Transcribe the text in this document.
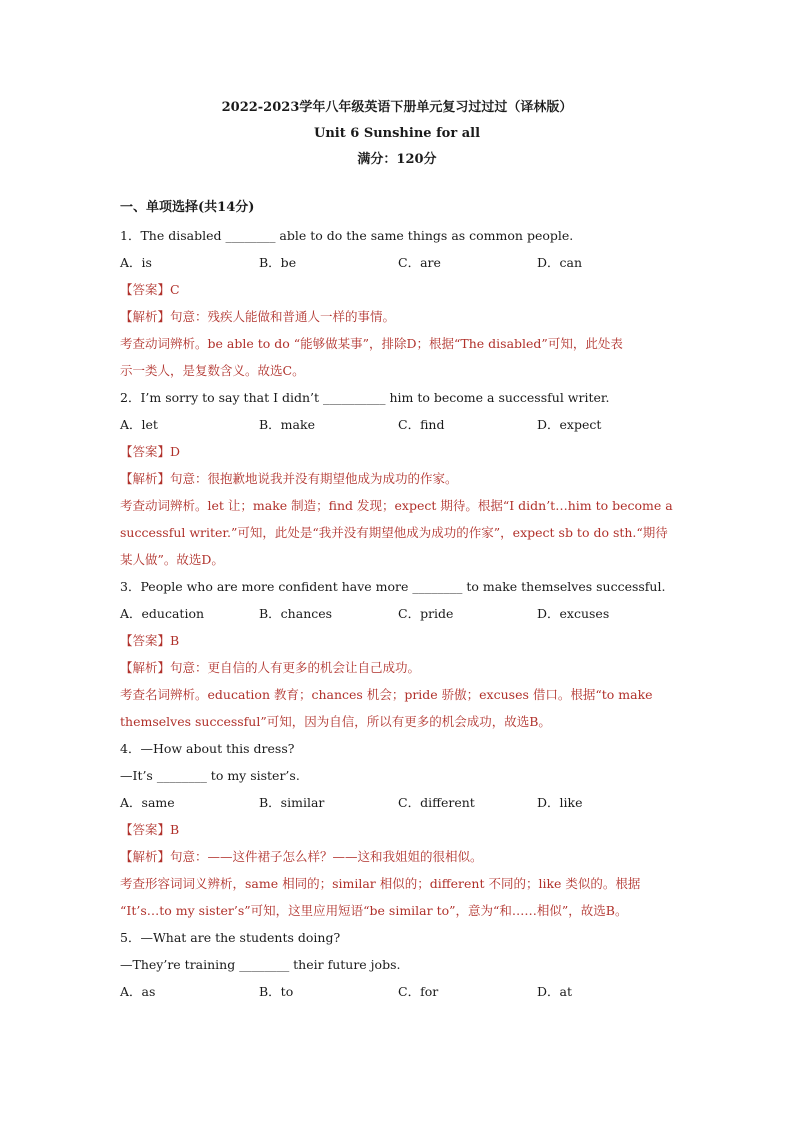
2022-2023学年八年级英语下册单元复习过过过（译林版）
Unit 6 Sunshine for all
满分：120分
一、单项选择(共14分)
1．The disabled ________ able to do the same things as common people.
A．is	B．be	C．are	D．can
【答案】C
【解析】句意：残疾人能做和普通人一样的事情。
考查动词辨析。be able to do “能够做某事”，排除D；根据“The disabled”可知，此处表
示一类人，是复数含义。故选C。
2．I’m sorry to say that I didn’t __________ him to become a successful writer.
A．let	B．make	C．find	D．expect
【答案】D
【解析】句意：很抱歉地说我并没有期望他成为成功的作家。
考查动词辨析。let 让；make 制造；find 发现；expect 期待。根据“I didn’t…him to become a
successful writer.”可知，此处是“我并没有期望他成为成功的作家”，expect sb to do sth.“期待
某人做”。故选D。
3．People who are more confident have more ________ to make themselves successful.
A．education	B．chances	C．pride	D．excuses
【答案】B
【解析】句意：更自信的人有更多的机会让自己成功。
考查名词辨析。education 教育；chances 机会；pride 骄傲；excuses 借口。根据“to make
themselves successful”可知，因为自信，所以有更多的机会成功，故选B。
4．—How about this dress?
—It’s ________ to my sister’s.
A．same	B．similar	C．different	D．like
【答案】B
【解析】句意：——这件裙子怎么样？——这和我姐姐的很相似。
考查形容词词义辨析，same 相同的；similar 相似的；different 不同的；like 类似的。根据
“It’s…to my sister’s”可知，这里应用短语“be similar to”，意为“和……相似”，故选B。
5．—What are the students doing?
—They’re training ________ their future jobs.
A．as	B．to	C．for	D．at
